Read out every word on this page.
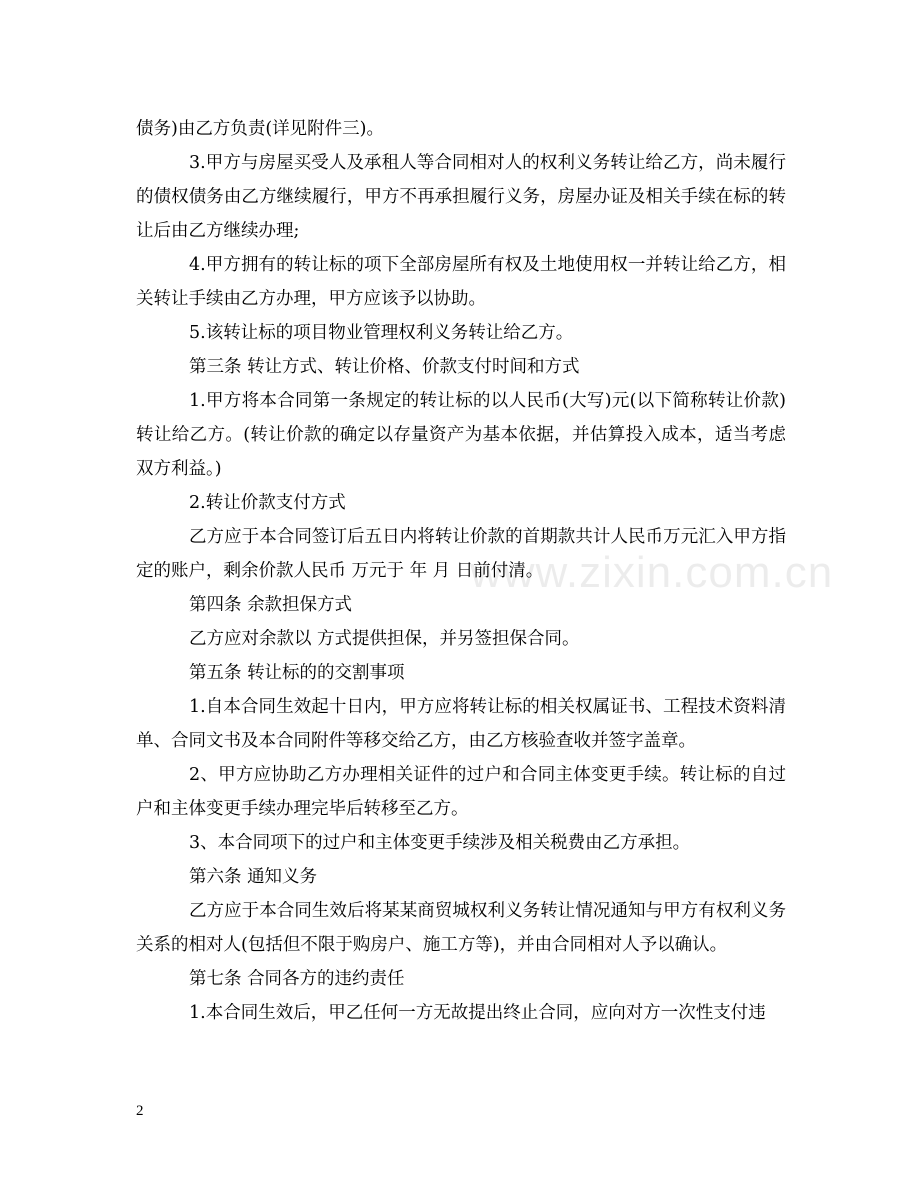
债务)由乙方负责(详见附件三)。

3.甲方与房屋买受人及承租人等合同相对人的权利义务转让给乙方，尚未履行的债权债务由乙方继续履行，甲方不再承担履行义务，房屋办证及相关手续在标的转让后由乙方继续办理;

4.甲方拥有的转让标的项下全部房屋所有权及土地使用权一并转让给乙方，相关转让手续由乙方办理，甲方应该予以协助。

5.该转让标的项目物业管理权利义务转让给乙方。

第三条 转让方式、转让价格、价款支付时间和方式

1.甲方将本合同第一条规定的转让标的以人民币(大写)元(以下简称转让价款)转让给乙方。(转让价款的确定以存量资产为基本依据，并估算投入成本，适当考虑双方利益。)

2.转让价款支付方式

乙方应于本合同签订后五日内将转让价款的首期款共计人民币万元汇入甲方指定的账户，剩余价款人民币 万元于 年 月 日前付清。

第四条 余款担保方式

乙方应对余款以 方式提供担保，并另签担保合同。

第五条 转让标的的交割事项

1.自本合同生效起十日内，甲方应将转让标的相关权属证书、工程技术资料清单、合同文书及本合同附件等移交给乙方，由乙方核验查收并签字盖章。

2、甲方应协助乙方办理相关证件的过户和合同主体变更手续。转让标的自过户和主体变更手续办理完毕后转移至乙方。

3、本合同项下的过户和主体变更手续涉及相关税费由乙方承担。

第六条 通知义务

乙方应于本合同生效后将某某商贸城权利义务转让情况通知与甲方有权利义务关系的相对人(包括但不限于购房户、施工方等)，并由合同相对人予以确认。

第七条 合同各方的违约责任

1.本合同生效后，甲乙任何一方无故提出终止合同，应向对方一次性支付违

www.zixin.com.cn
2
